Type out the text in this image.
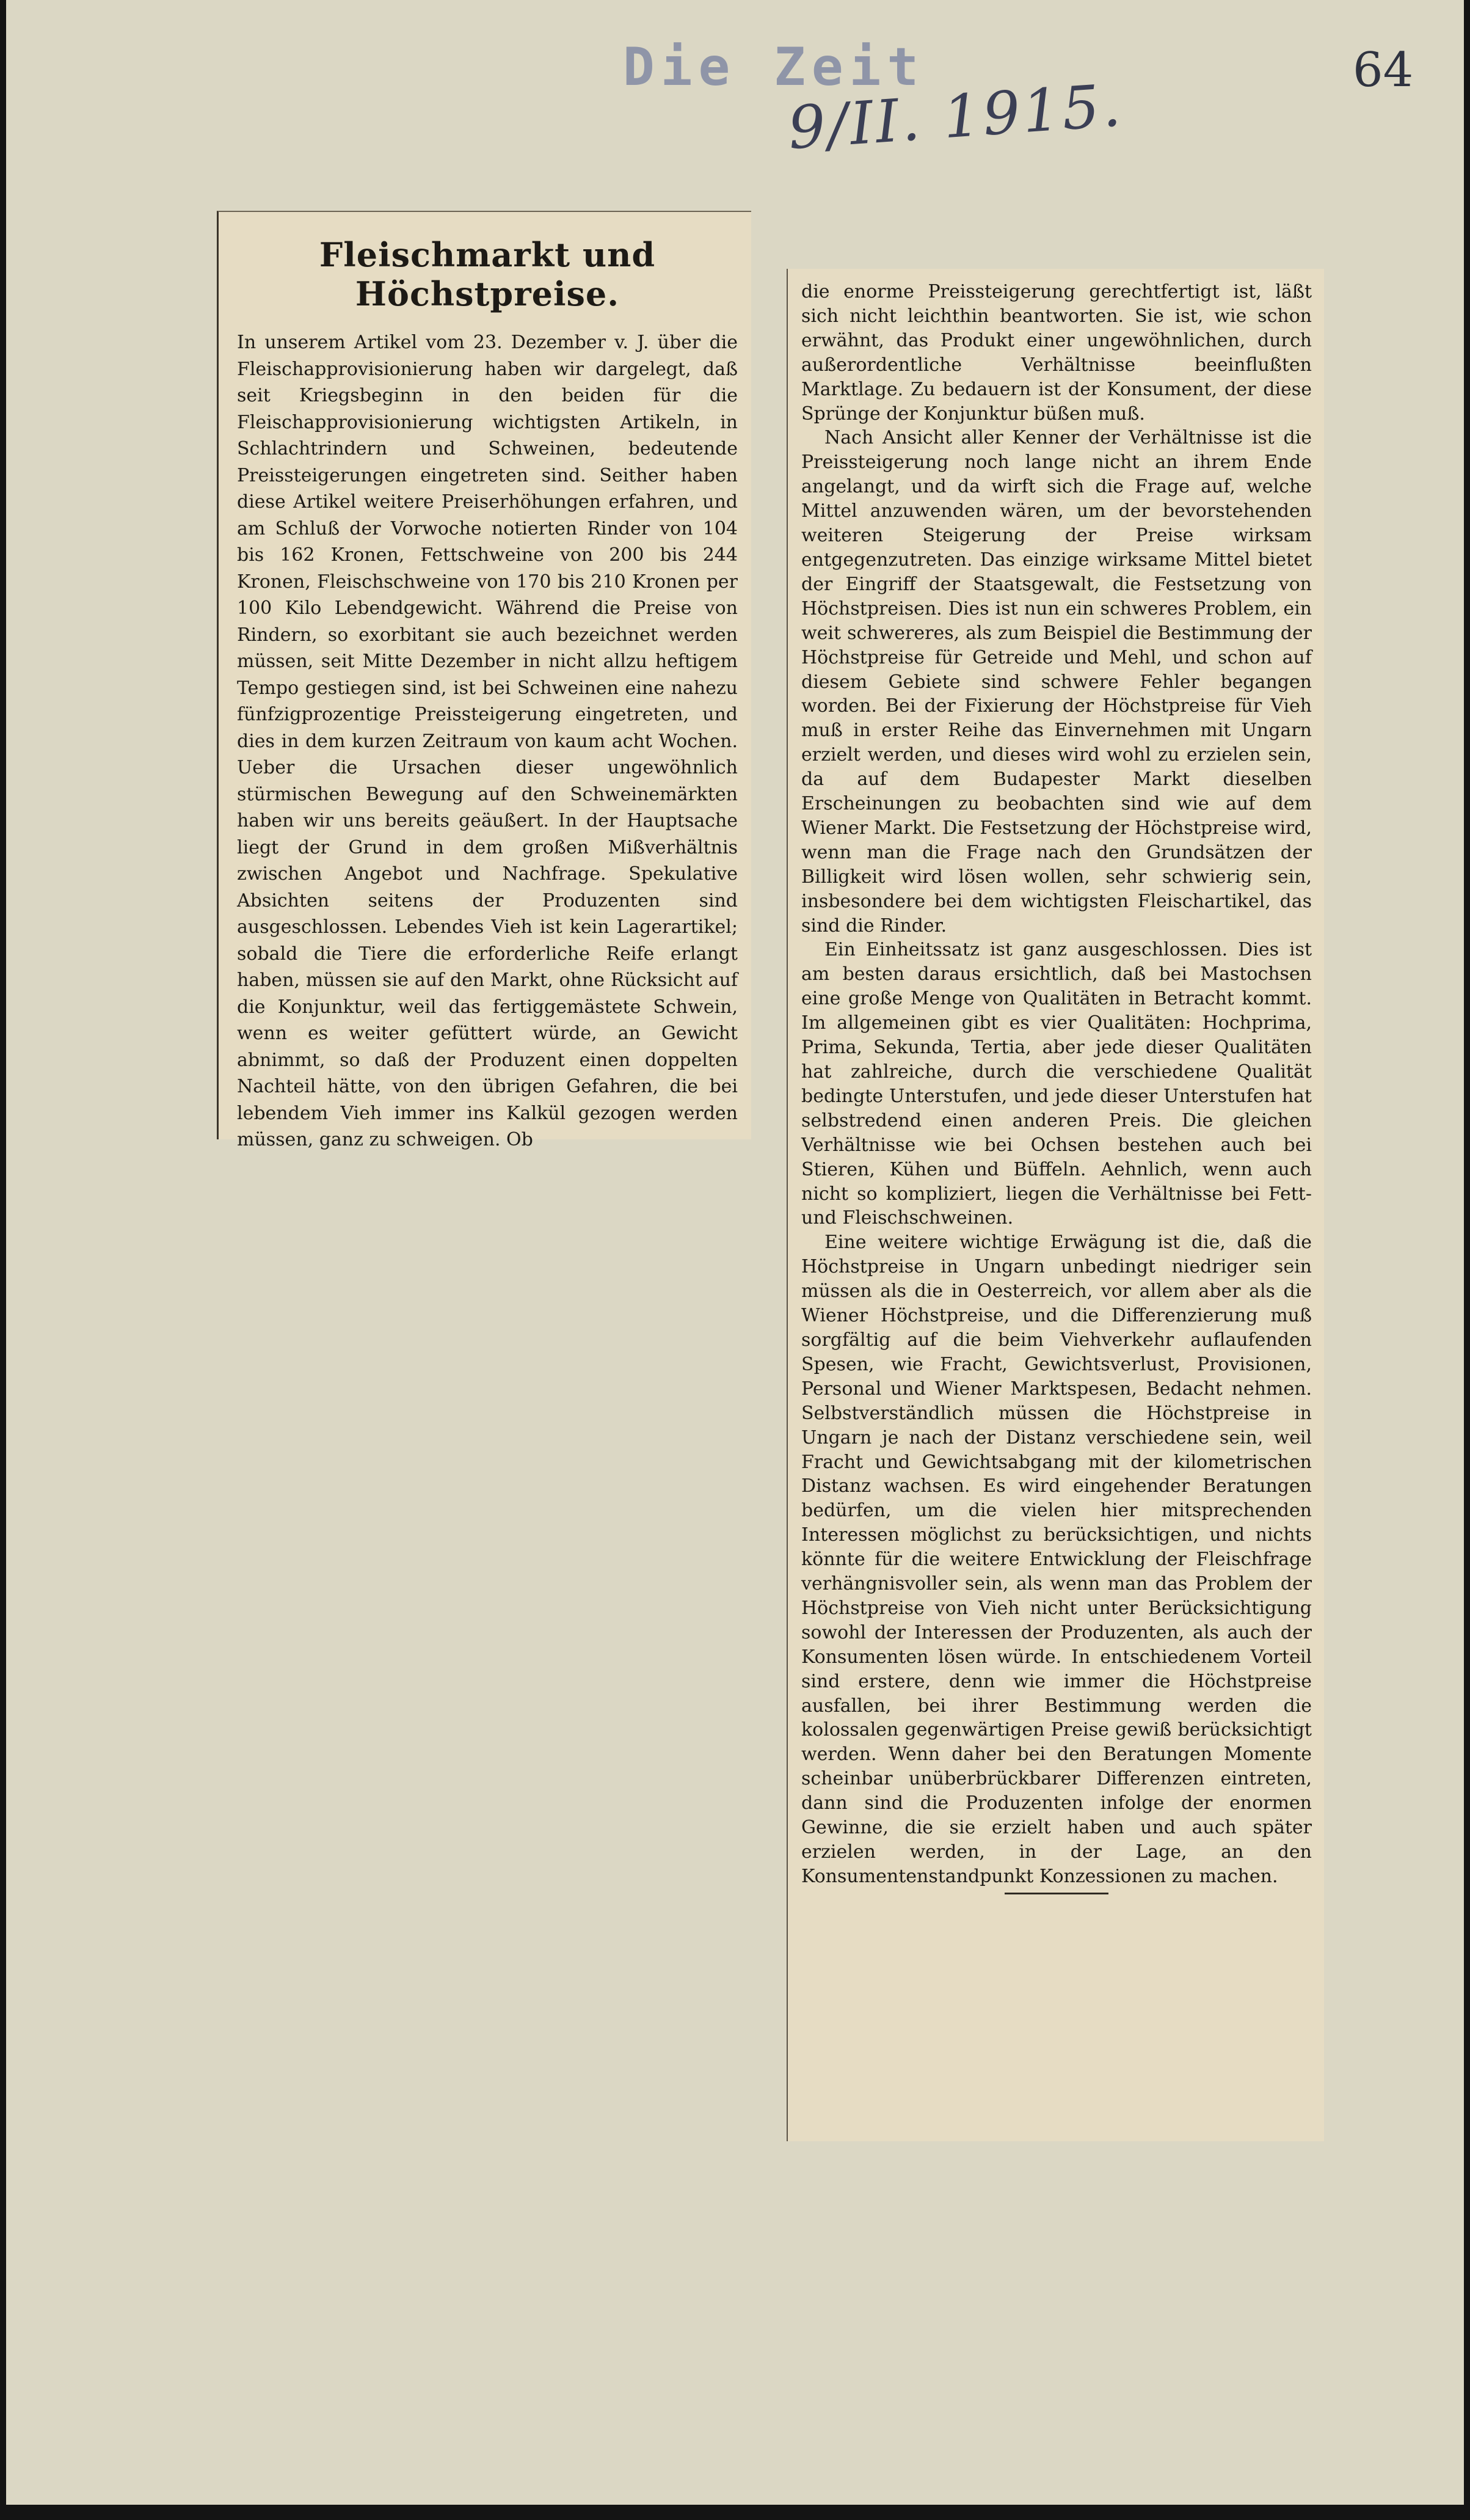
Die Zeit	64
9/II. 1915.
Fleischmarkt und Höchstpreise.

In unserem Artikel vom 23. Dezember v. J. über die Fleischapprovisionierung haben wir dargelegt, daß seit Kriegsbeginn in den beiden für die Fleischapprovisionierung wichtigsten Artikeln, in Schlachtrindern und Schweinen, bedeutende Preissteigerungen eingetreten sind. Seither haben diese Artikel weitere Preiserhöhungen erfahren, und am Schluß der Vorwoche notierten Rinder von 104 bis 162 Kronen, Fettschweine von 200 bis 244 Kronen, Fleischschweine von 170 bis 210 Kronen per 100 Kilo Lebendgewicht. Während die Preise von Rindern, so exorbitant sie auch bezeichnet werden müssen, seit Mitte Dezember in nicht allzu heftigem Tempo gestiegen sind, ist bei Schweinen eine nahezu fünfzigprozentige Preissteigerung eingetreten, und dies in dem kurzen Zeitraum von kaum acht Wochen. Ueber die Ursachen dieser ungewöhnlich stürmischen Bewegung auf den Schweinemärkten haben wir uns bereits geäußert. In der Hauptsache liegt der Grund in dem großen Mißverhältnis zwischen Angebot und Nachfrage. Spekulative Absichten seitens der Produzenten sind ausgeschlossen. Lebendes Vieh ist kein Lagerartikel; sobald die Tiere die erforderliche Reife erlangt haben, müssen sie auf den Markt, ohne Rücksicht auf die Konjunktur, weil das fertiggemästete Schwein, wenn es weiter gefüttert würde, an Gewicht abnimmt, so daß der Produzent einen doppelten Nachteil hätte, von den übrigen Gefahren, die bei lebendem Vieh immer ins Kalkül gezogen werden müssen, ganz zu schweigen. Ob

die enorme Preissteigerung gerechtfertigt ist, läßt sich nicht leichthin beantworten. Sie ist, wie schon erwähnt, das Produkt einer ungewöhnlichen, durch außerordentliche Verhältnisse beeinflußten Marktlage. Zu bedauern ist der Konsument, der diese Sprünge der Konjunktur büßen muß.

Nach Ansicht aller Kenner der Verhältnisse ist die Preissteigerung noch lange nicht an ihrem Ende angelangt, und da wirft sich die Frage auf, welche Mittel anzuwenden wären, um der bevorstehenden weiteren Steigerung der Preise wirksam entgegenzutreten. Das einzige wirksame Mittel bietet der Eingriff der Staatsgewalt, die Festsetzung von Höchstpreisen. Dies ist nun ein schweres Problem, ein weit schwereres, als zum Beispiel die Bestimmung der Höchstpreise für Getreide und Mehl, und schon auf diesem Gebiete sind schwere Fehler begangen worden. Bei der Fixierung der Höchstpreise für Vieh muß in erster Reihe das Einvernehmen mit Ungarn erzielt werden, und dieses wird wohl zu erzielen sein, da auf dem Budapester Markt dieselben Erscheinungen zu beobachten sind wie auf dem Wiener Markt. Die Festsetzung der Höchstpreise wird, wenn man die Frage nach den Grundsätzen der Billigkeit wird lösen wollen, sehr schwierig sein, insbesondere bei dem wichtigsten Fleischartikel, das sind die Rinder.

Ein Einheitssatz ist ganz ausgeschlossen. Dies ist am besten daraus ersichtlich, daß bei Mastochsen eine große Menge von Qualitäten in Betracht kommt. Im allgemeinen gibt es vier Qualitäten: Hochprima, Prima, Sekunda, Tertia, aber jede dieser Qualitäten hat zahlreiche, durch die verschiedene Qualität bedingte Unterstufen, und jede dieser Unterstufen hat selbstredend einen anderen Preis. Die gleichen Verhältnisse wie bei Ochsen bestehen auch bei Stieren, Kühen und Büffeln. Aehnlich, wenn auch nicht so kompliziert, liegen die Verhältnisse bei Fett- und Fleischschweinen.

Eine weitere wichtige Erwägung ist die, daß die Höchstpreise in Ungarn unbedingt niedriger sein müssen als die in Oesterreich, vor allem aber als die Wiener Höchstpreise, und die Differenzierung muß sorgfältig auf die beim Viehverkehr auflaufenden Spesen, wie Fracht, Gewichtsverlust, Provisionen, Personal und Wiener Marktspesen, Bedacht nehmen. Selbstverständlich müssen die Höchstpreise in Ungarn je nach der Distanz verschiedene sein, weil Fracht und Gewichtsabgang mit der kilometrischen Distanz wachsen. Es wird eingehender Beratungen bedürfen, um die vielen hier mitsprechenden Interessen möglichst zu berücksichtigen, und nichts könnte für die weitere Entwicklung der Fleischfrage verhängnisvoller sein, als wenn man das Problem der Höchstpreise von Vieh nicht unter Berücksichtigung sowohl der Interessen der Produzenten, als auch der Konsumenten lösen würde. In entschiedenem Vorteil sind erstere, denn wie immer die Höchstpreise ausfallen, bei ihrer Bestimmung werden die kolossalen gegenwärtigen Preise gewiß berücksichtigt werden. Wenn daher bei den Beratungen Momente scheinbar unüberbrückbarer Differenzen eintreten, dann sind die Produzenten infolge der enormen Gewinne, die sie erzielt haben und auch später erzielen werden, in der Lage, an den Konsumentenstandpunkt Konzessionen zu machen.
